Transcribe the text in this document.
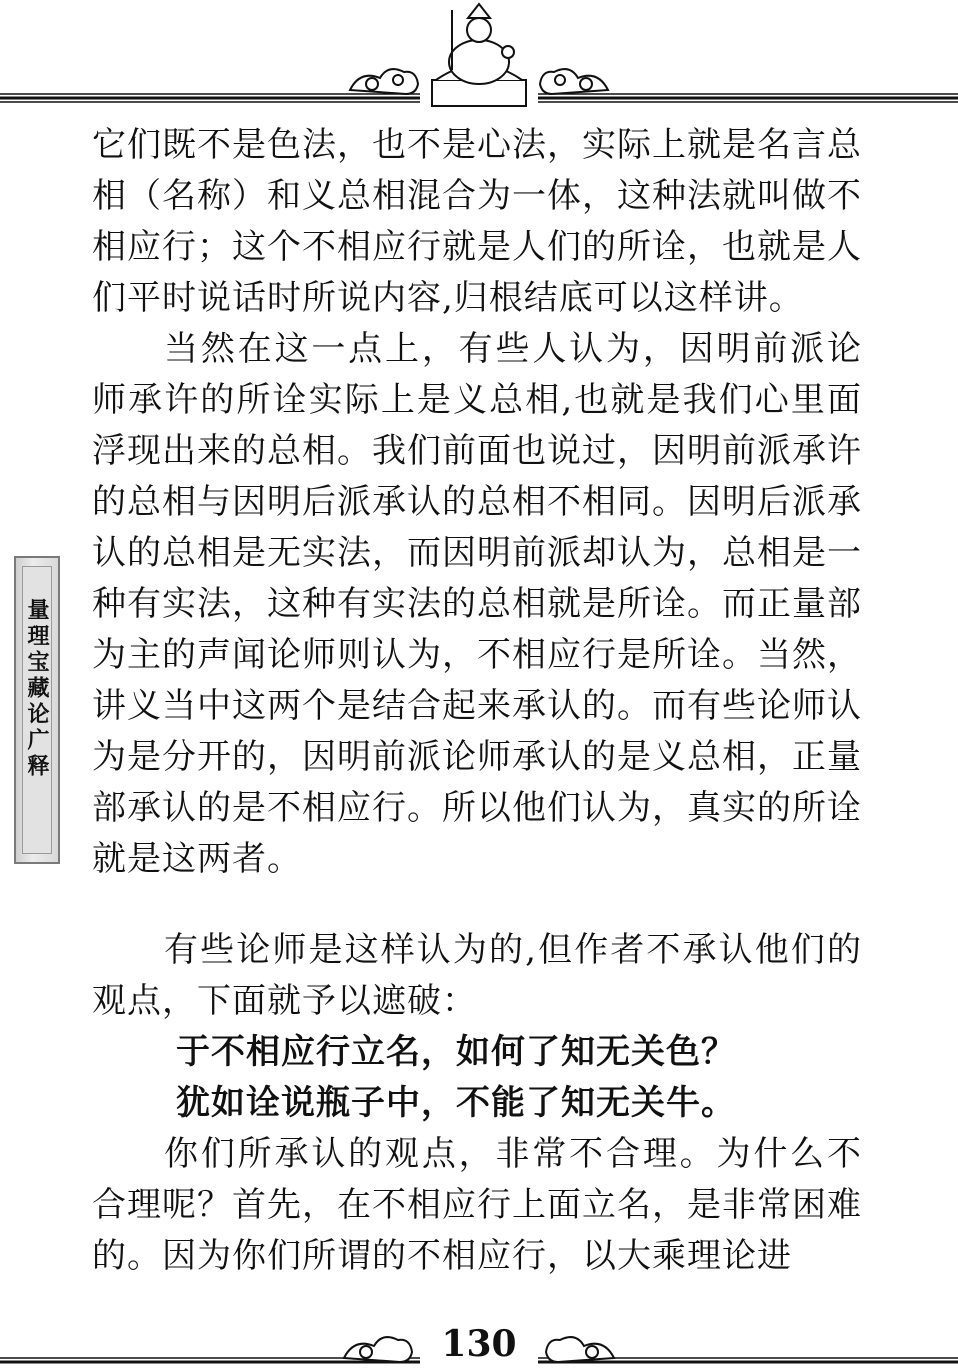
量理宝藏论广释

它们既不是色法，也不是心法，实际上就是名言总相（名称）和义总相混合为一体，这种法就叫做不相应行；这个不相应行就是人们的所诠，也就是人们平时说话时所说内容,归根结底可以这样讲。

当然在这一点上，有些人认为，因明前派论师承许的所诠实际上是义总相,也就是我们心里面浮现出来的总相。我们前面也说过，因明前派承许的总相与因明后派承认的总相不相同。因明后派承认的总相是无实法，而因明前派却认为，总相是一种有实法，这种有实法的总相就是所诠。而正量部为主的声闻论师则认为，不相应行是所诠。当然，讲义当中这两个是结合起来承认的。而有些论师认为是分开的，因明前派论师承认的是义总相，正量部承认的是不相应行。所以他们认为，真实的所诠就是这两者。

有些论师是这样认为的,但作者不承认他们的观点，下面就予以遮破：

于不相应行立名，如何了知无关色？

犹如诠说瓶子中，不能了知无关牛。

你们所承认的观点，非常不合理。为什么不合理呢？首先，在不相应行上面立名，是非常困难的。因为你们所谓的不相应行，以大乘理论进

130
